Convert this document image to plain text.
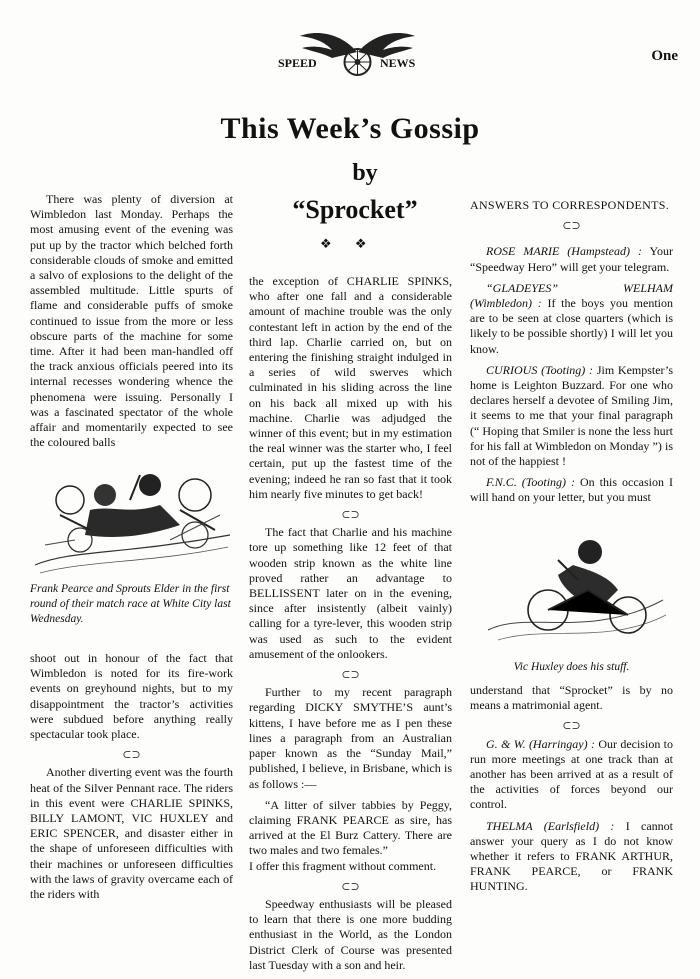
SPEED	NEWS	One
This Week’s Gossip
by
“Sprocket”
❖ ❖

There was plenty of diversion at Wimbledon last Monday. Perhaps the most amusing event of the evening was put up by the tractor which belched forth considerable clouds of smoke and emitted a salvo of explosions to the delight of the assembled multitude. Little spurts of flame and considerable puffs of smoke continued to issue from the more or less obscure parts of the machine for some time. After it had been man-handled off the track anxious officials peered into its internal recesses wondering whence the phenomena were issuing. Personally I was a fascinated spectator of the whole affair and momentarily expected to see the coloured balls

Frank Pearce and Sprouts Elder in the first round of their match race at White City last Wednesday.

shoot out in honour of the fact that Wimbledon is noted for its fire-work events on greyhound nights, but to my disappointment the tractor’s activities were subdued before anything really spectacular took place.

⊂⊃

Another diverting event was the fourth heat of the Silver Pennant race. The riders in this event were CHARLIE SPINKS, BILLY LAMONT, VIC HUXLEY and ERIC SPENCER, and disaster either in the shape of unforeseen difficulties with their machines or unforeseen difficulties with the laws of gravity overcame each of the riders with

the exception of CHARLIE SPINKS, who after one fall and a considerable amount of machine trouble was the only contestant left in action by the end of the third lap. Charlie carried on, but on entering the finishing straight indulged in a series of wild swerves which culminated in his sliding across the line on his back all mixed up with his machine. Charlie was adjudged the winner of this event; but in my estimation the real winner was the starter who, I feel certain, put up the fastest time of the evening; indeed he ran so fast that it took him nearly five minutes to get back!

⊂⊃

The fact that Charlie and his machine tore up something like 12 feet of that wooden strip known as the white line proved rather an advantage to BELLISSENT later on in the evening, since after insistently (albeit vainly) calling for a tyre-lever, this wooden strip was used as such to the evident amusement of the onlookers.

⊂⊃

Further to my recent paragraph regarding DICKY SMYTHE’S aunt’s kittens, I have before me as I pen these lines a paragraph from an Australian paper known as the “Sunday Mail,” published, I believe, in Brisbane, which is as follows :—

“A litter of silver tabbies by Peggy, claiming FRANK PEARCE as sire, has arrived at the El Burz Cattery. There are two males and two females.”

I offer this fragment without comment.

⊂⊃

Speedway enthusiasts will be pleased to learn that there is one more budding enthusiast in the World, as the London District Clerk of Course was presented last Tuesday with a son and heir.

ANSWERS TO CORRESPONDENTS.

⊂⊃

ROSE MARIE (Hampstead) : Your “Speedway Hero” will get your telegram.

“GLADEYES” WELHAM (Wimbledon) : If the boys you mention are to be seen at close quarters (which is likely to be possible shortly) I will let you know.

CURIOUS (Tooting) : Jim Kempster’s home is Leighton Buzzard. For one who declares herself a devotee of Smiling Jim, it seems to me that your final paragraph (“ Hoping that Smiler is none the less hurt for his fall at Wimbledon on Monday ”) is not of the happiest !

F.N.C. (Tooting) : On this occasion I will hand on your letter, but you must

Vic Huxley does his stuff.

understand that “Sprocket” is by no means a matrimonial agent.

⊂⊃

G. & W. (Harringay) : Our decision to run more meetings at one track than at another has been arrived at as a result of the activities of forces beyond our control.

THELMA (Earlsfield) : I cannot answer your query as I do not know whether it refers to FRANK ARTHUR, FRANK PEARCE, or FRANK HUNTING.
